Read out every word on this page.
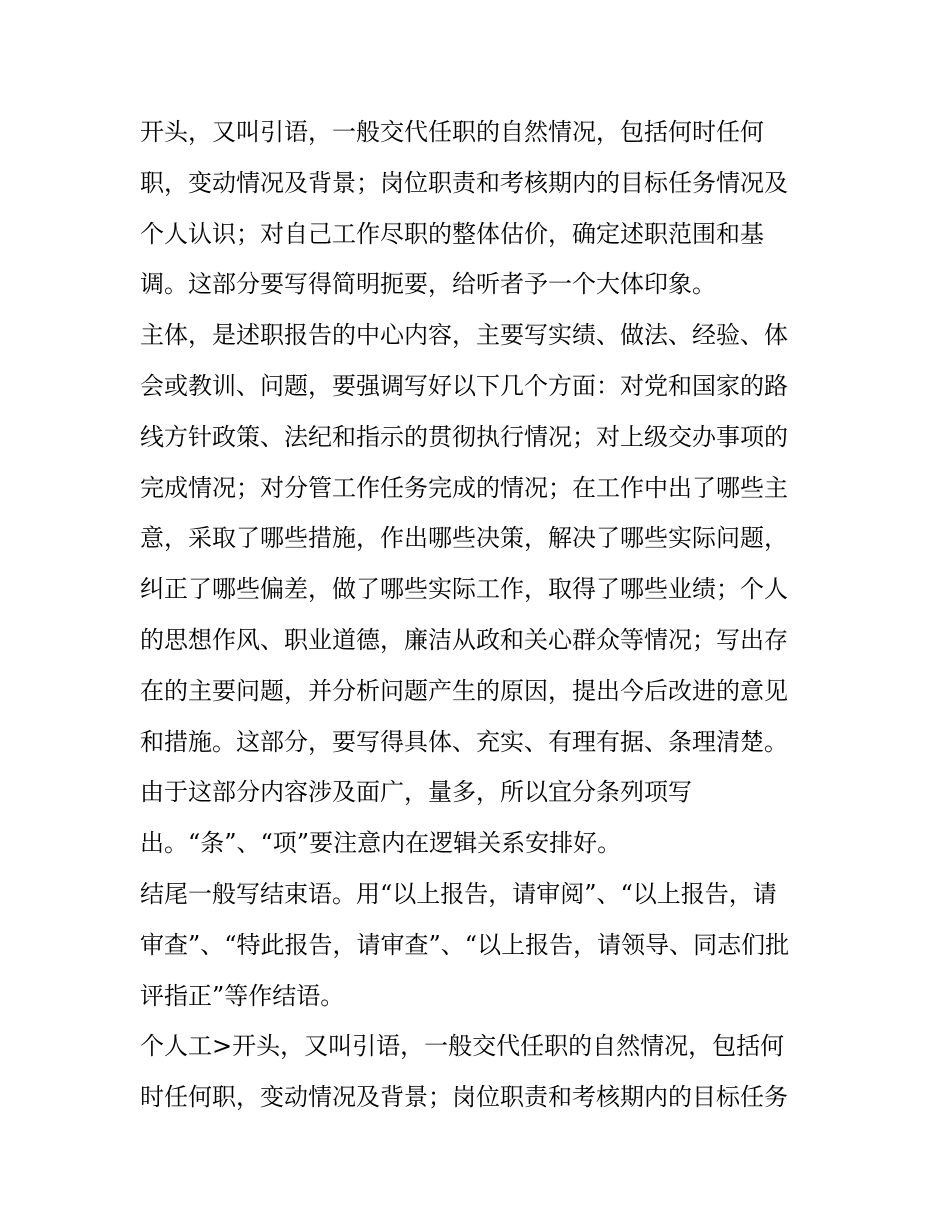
开头，又叫引语，一般交代任职的自然情况，包括何时任何
职，变动情况及背景；岗位职责和考核期内的目标任务情况及
个人认识；对自己工作尽职的整体估价，确定述职范围和基
调。这部分要写得简明扼要，给听者予一个大体印象。
主体，是述职报告的中心内容，主要写实绩、做法、经验、体
会或教训、问题，要强调写好以下几个方面：对党和国家的路
线方针政策、法纪和指示的贯彻执行情况；对上级交办事项的
完成情况；对分管工作任务完成的情况；在工作中出了哪些主
意，采取了哪些措施，作出哪些决策，解决了哪些实际问题，
纠正了哪些偏差，做了哪些实际工作，取得了哪些业绩；个人
的思想作风、职业道德，廉洁从政和关心群众等情况；写出存
在的主要问题，并分析问题产生的原因，提出今后改进的意见
和措施。这部分，要写得具体、充实、有理有据、条理清楚。
由于这部分内容涉及面广，量多，所以宜分条列项写
出。“条”、“项”要注意内在逻辑关系安排好。
结尾一般写结束语。用“以上报告，请审阅”、“以上报告，请
审查”、“特此报告，请审查”、“以上报告，请领导、同志们批
评指正”等作结语。
个人工>开头，又叫引语，一般交代任职的自然情况，包括何
时任何职，变动情况及背景；岗位职责和考核期内的目标任务
